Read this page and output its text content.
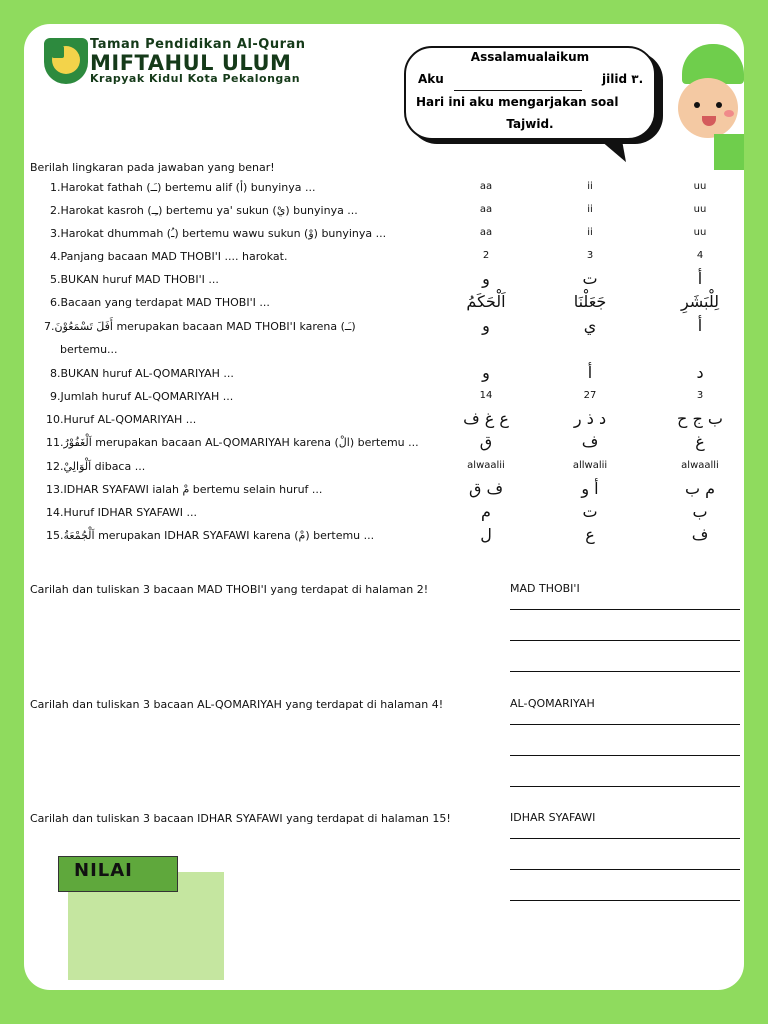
Taman Pendidikan Al-Quran
MIFTAHUL ULUM
Krapyak Kidul Kota Pekalongan
Assalamualaikum
Aku	jilid ٣.
Hari ini aku mengarjakan soal
Tajwid.
Berilah lingkaran pada jawaban yang benar!
1.Harokat fathah (ـَـ) bertemu alif (أ) bunyinya ...	aa	ii	uu
2.Harokat kasroh (ـِـ) bertemu ya' sukun (يْ) bunyinya ...	aa	ii	uu
3.Harokat dhummah (ـُ) bertemu wawu sukun (وْ) bunyinya ...	aa	ii	uu
4.Panjang bacaan MAD THOBI'I .... harokat.	2	3	4
5.BUKAN huruf MAD THOBI'I ...	و	ت	أ
6.Bacaan yang terdapat MAD THOBI'I ...	اَلْحَكَمُ	جَعَلْنَا	لِلْبَشَرِ
7.أَفَلَ تَسْمَعُوْنَ merupakan bacaan MAD THOBI'I karena (ـَـ)
bertemu...
و	ي	أ
8.BUKAN huruf AL-QOMARIYAH ...	و	أ	د
9.Jumlah huruf AL-QOMARIYAH ...	14	27	3
10.Huruf AL-QOMARIYAH ...	ع غ ف	د ذ ر	ب ج ح
11.اَلْغَفُوْرُ merupakan bacaan AL-QOMARIYAH karena (الْ) bertemu ...	ق	ف	غ
12.اَلْوَالِيْ dibaca ...	alwaalii	allwalii	alwaalli
13.IDHAR SYAFAWI ialah مْ bertemu selain huruf ...	ف ق	أ و	م ب
14.Huruf IDHAR SYAFAWI ...	م	ت	ب
15.اَلْجُمْعَةُ merupakan IDHAR SYAFAWI karena (مْ) bertemu ...	ل	ع	ف
Carilah dan tuliskan 3 bacaan MAD THOBI'I yang terdapat di halaman 2!	MAD THOBI'I
Carilah dan tuliskan 3 bacaan AL-QOMARIYAH yang terdapat di halaman 4!	AL-QOMARIYAH
Carilah dan tuliskan 3 bacaan IDHAR SYAFAWI yang terdapat di halaman 15!	IDHAR SYAFAWI
NILAI
